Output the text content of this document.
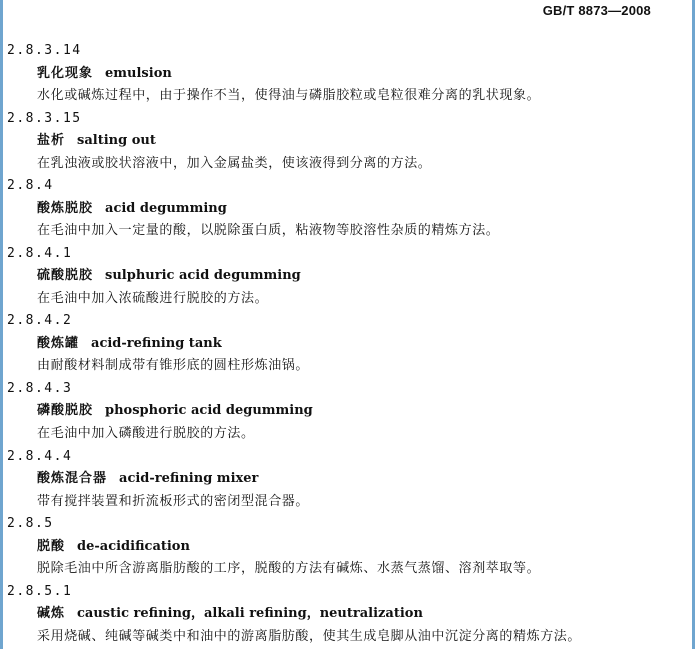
GB/T 8873—2008
2.8.3.14
乳化现象 emulsion
水化或碱炼过程中，由于操作不当，使得油与磷脂胶粒或皂粒很难分离的乳状现象。
2.8.3.15
盐析 salting out
在乳浊液或胶状溶液中，加入金属盐类，使该液得到分离的方法。
2.8.4
酸炼脱胶 acid degumming
在毛油中加入一定量的酸，以脱除蛋白质，粘液物等胶溶性杂质的精炼方法。
2.8.4.1
硫酸脱胶 sulphuric acid degumming
在毛油中加入浓硫酸进行脱胶的方法。
2.8.4.2
酸炼罐 acid-refining tank
由耐酸材料制成带有锥形底的圆柱形炼油锅。
2.8.4.3
磷酸脱胶 phosphoric acid degumming
在毛油中加入磷酸进行脱胶的方法。
2.8.4.4
酸炼混合器 acid-refining mixer
带有搅拌装置和折流板形式的密闭型混合器。
2.8.5
脱酸 de-acidification
脱除毛油中所含游离脂肪酸的工序，脱酸的方法有碱炼、水蒸气蒸馏、溶剂萃取等。
2.8.5.1
碱炼 caustic refining，alkali refining，neutralization
采用烧碱、纯碱等碱类中和油中的游离脂肪酸，使其生成皂脚从油中沉淀分离的精炼方法。
